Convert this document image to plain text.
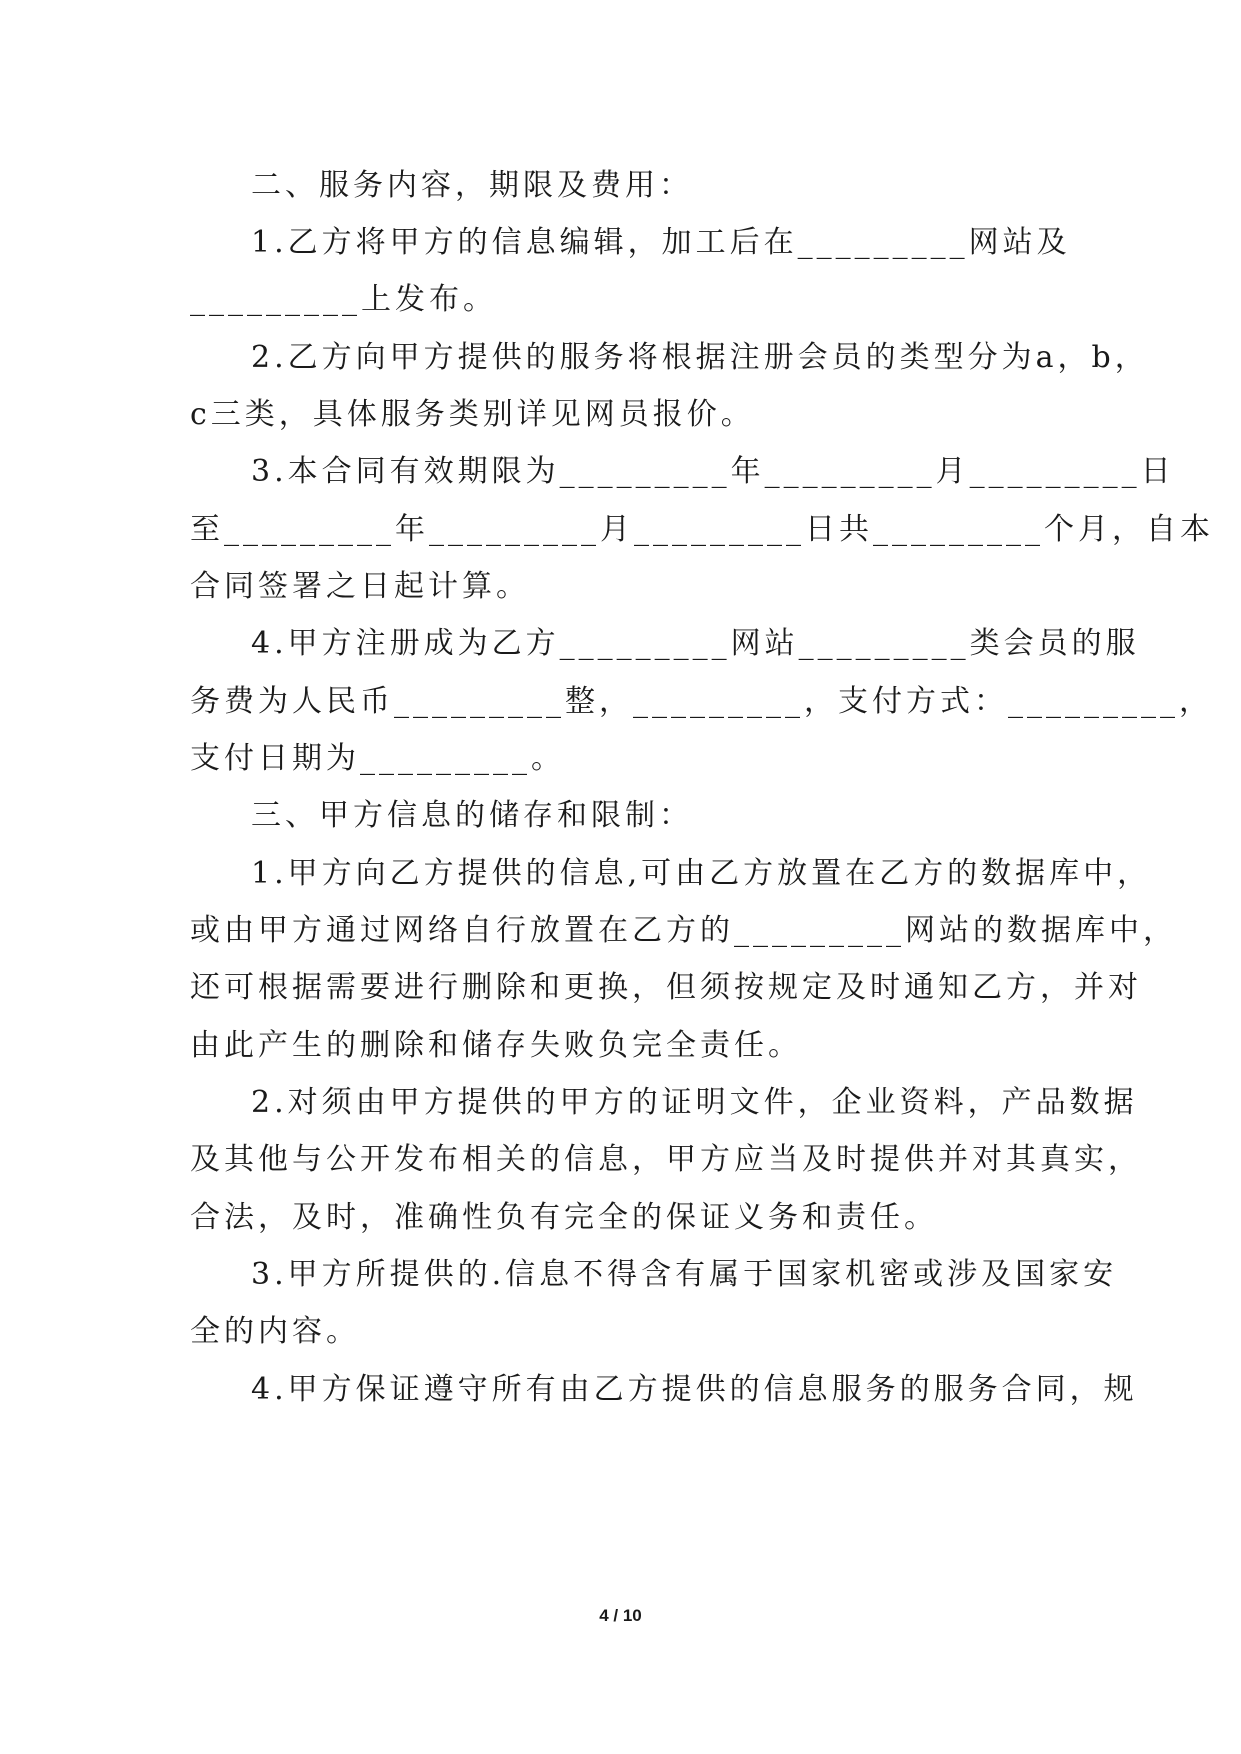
二、服务内容，期限及费用：
1.乙方将甲方的信息编辑，加工后在_________网站及
_________上发布。
2.乙方向甲方提供的服务将根据注册会员的类型分为a，b，
c三类，具体服务类别详见网员报价。
3.本合同有效期限为_________年_________月_________日
至_________年_________月_________日共_________个月，自本
合同签署之日起计算。
4.甲方注册成为乙方_________网站_________类会员的服
务费为人民币_________整，_________，支付方式：_________，
支付日期为_________。
三、甲方信息的储存和限制：
1.甲方向乙方提供的信息,可由乙方放置在乙方的数据库中，
或由甲方通过网络自行放置在乙方的_________网站的数据库中，
还可根据需要进行删除和更换，但须按规定及时通知乙方，并对
由此产生的删除和储存失败负完全责任。
2.对须由甲方提供的甲方的证明文件，企业资料，产品数据
及其他与公开发布相关的信息，甲方应当及时提供并对其真实，
合法，及时，准确性负有完全的保证义务和责任。
3.甲方所提供的.信息不得含有属于国家机密或涉及国家安
全的内容。
4.甲方保证遵守所有由乙方提供的信息服务的服务合同，规
4 / 10
